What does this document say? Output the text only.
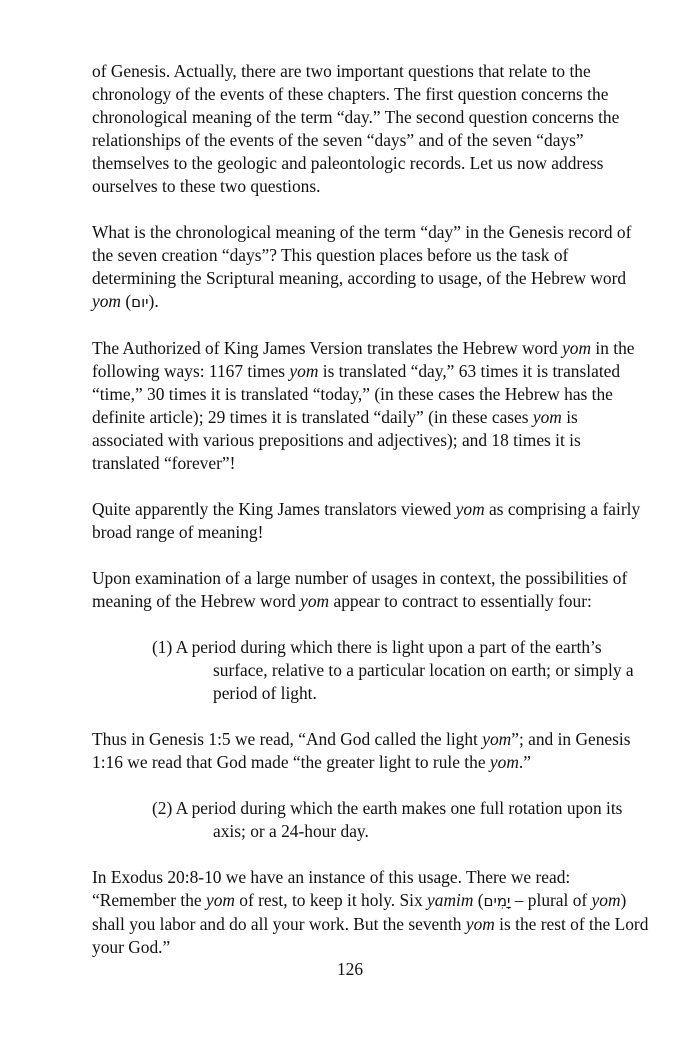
of Genesis. Actually, there are two important questions that relate to the chronology of the events of these chapters. The first question concerns the chronological meaning of the term “day.” The second question concerns the relationships of the events of the seven “days” and of the seven “days” themselves to the geologic and paleontologic records. Let us now address ourselves to these two questions.

What is the chronological meaning of the term “day” in the Genesis record of the seven creation “days”? This question places before us the task of determining the Scriptural meaning, according to usage, of the Hebrew word yom (יום).

The Authorized of King James Version translates the Hebrew word yom in the following ways: 1167 times yom is translated “day,” 63 times it is translated “time,” 30 times it is translated “today,” (in these cases the Hebrew has the definite article); 29 times it is translated “daily” (in these cases yom is associated with various prepositions and adjectives); and 18 times it is translated “forever”!

Quite apparently the King James translators viewed yom as comprising a fairly broad range of meaning!

Upon examination of a large number of usages in context, the possibilities of meaning of the Hebrew word yom appear to contract to essentially four:

(1) A period during which there is light upon a part of the earth’s surface, relative to a particular location on earth; or simply a period of light.

Thus in Genesis 1:5 we read, “And God called the light yom”; and in Genesis 1:16 we read that God made “the greater light to rule the yom.”

(2) A period during which the earth makes one full rotation upon its axis; or a 24-hour day.

In Exodus 20:8-10 we have an instance of this usage. There we read: “Remember the yom of rest, to keep it holy. Six yamim (יָמִים – plural of yom) shall you labor and do all your work. But the seventh yom is the rest of the Lord your God.”

126
